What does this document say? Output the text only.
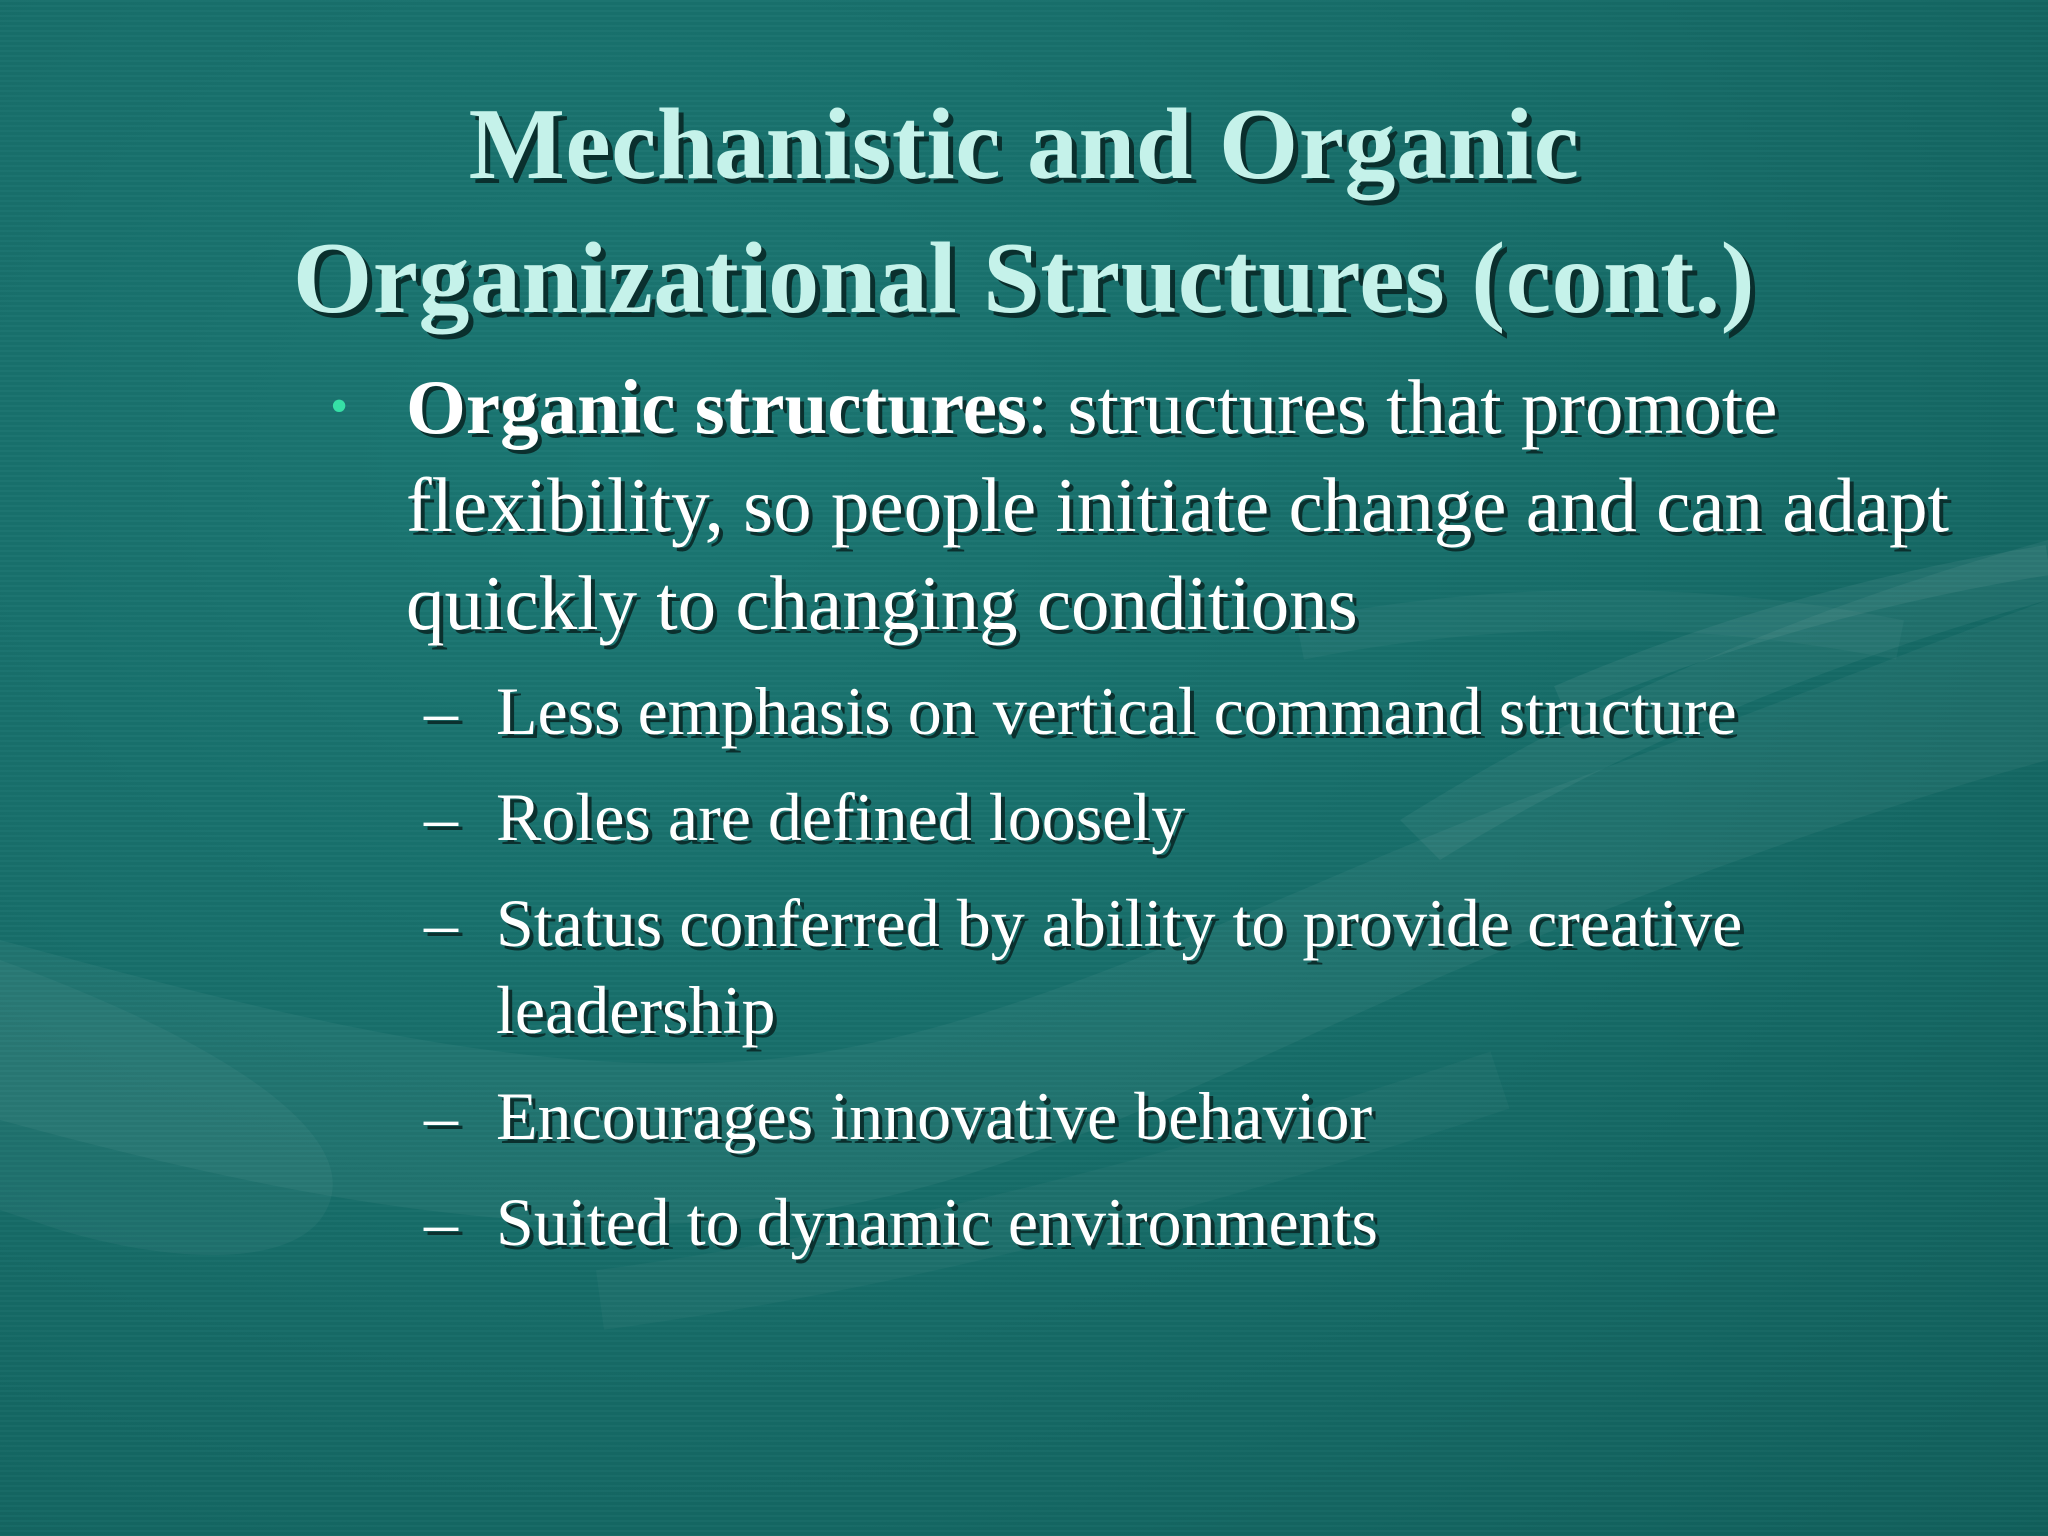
Mechanistic and Organic
Organizational Structures (cont.)
• Organic structures: structures that promote flexibility, so people initiate change and can adapt quickly to changing conditions
– Less emphasis on vertical command structure
– Roles are defined loosely
– Status conferred by ability to provide creative leadership
– Encourages innovative behavior
– Suited to dynamic environments
